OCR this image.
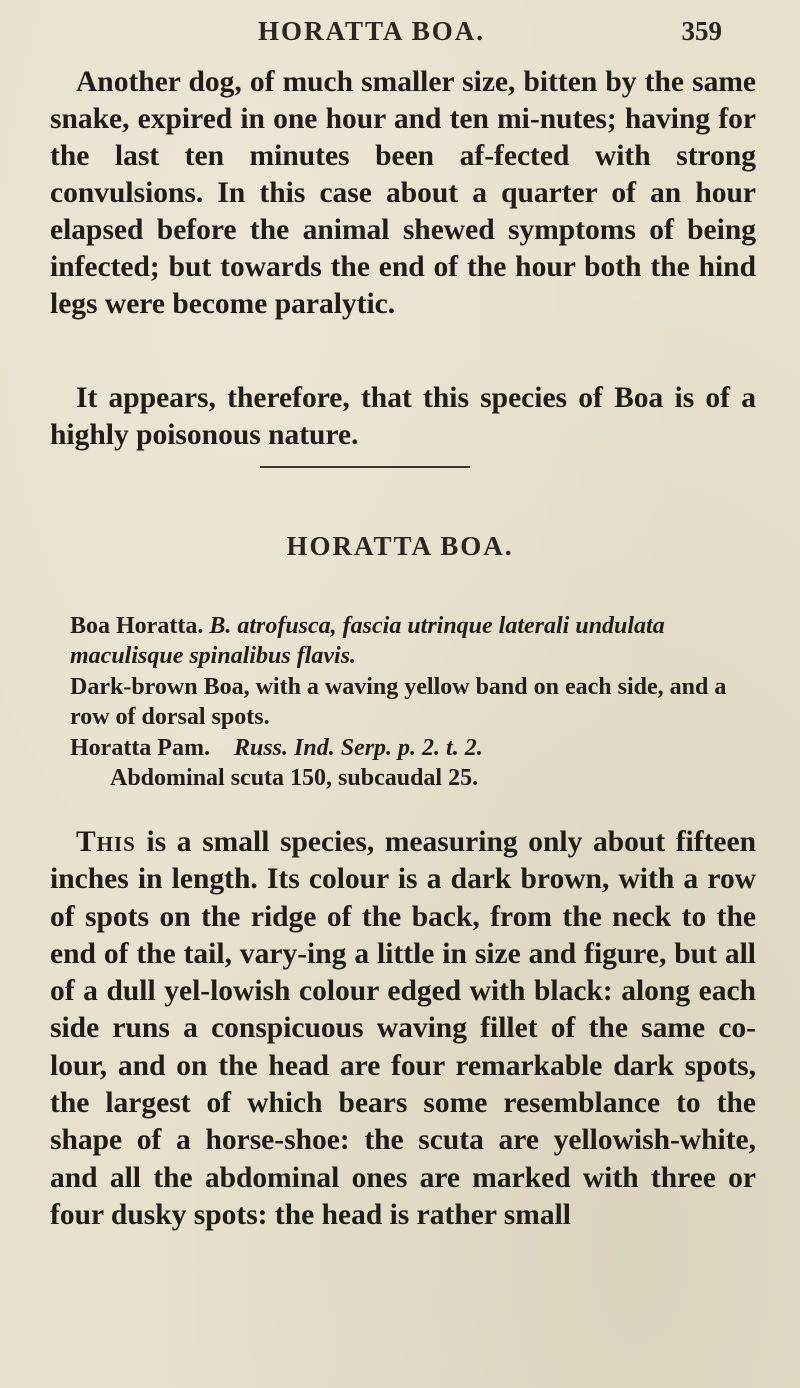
HORATTA BOA.	359

Another dog, of much smaller size, bitten by the same snake, expired in one hour and ten mi-nutes; having for the last ten minutes been af-fected with strong convulsions. In this case about a quarter of an hour elapsed before the animal shewed symptoms of being infected; but towards the end of the hour both the hind legs were become paralytic.

It appears, therefore, that this species of Boa is of a highly poisonous nature.

HORATTA BOA.

Boa Horatta. B. atrofusca, fascia utrinque laterali undulata maculisque spinalibus flavis.

Dark-brown Boa, with a waving yellow band on each side, and a row of dorsal spots.

Horatta Pam. Russ. Ind. Serp. p. 2. t. 2.

Abdominal scuta 150, subcaudal 25.

This is a small species, measuring only about fifteen inches in length. Its colour is a dark brown, with a row of spots on the ridge of the back, from the neck to the end of the tail, vary-ing a little in size and figure, but all of a dull yel-lowish colour edged with black: along each side runs a conspicuous waving fillet of the same co-lour, and on the head are four remarkable dark spots, the largest of which bears some resemblance to the shape of a horse-shoe: the scuta are yellowish-white, and all the abdominal ones are marked with three or four dusky spots: the head is rather small
